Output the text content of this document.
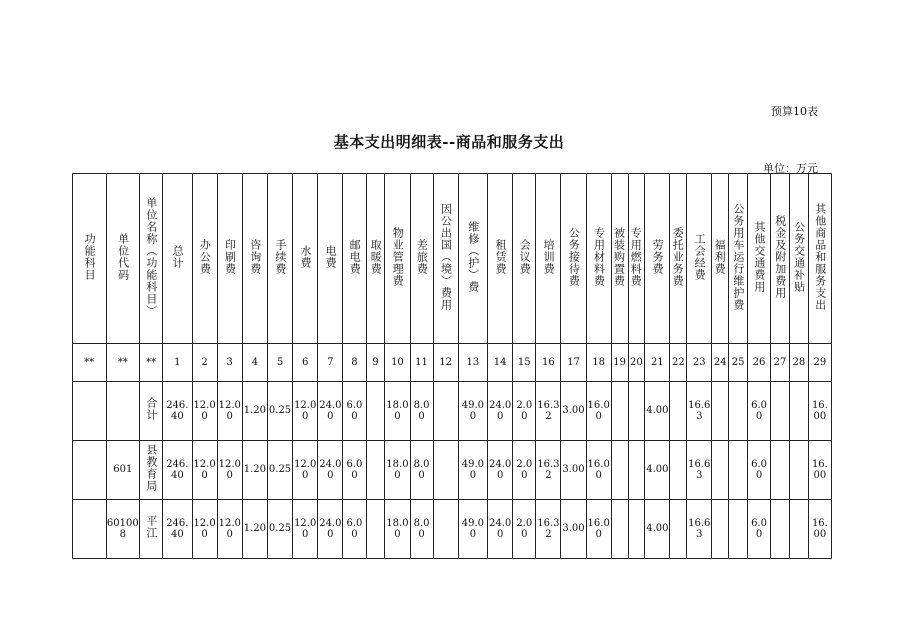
预算10表
基本支出明细表--商品和服务支出
单位：万元
功能科目	单位代码	单位名称（功能科目）	总计	办公费	印刷费	咨询费	手续费	水费	电费	邮电费	取暖费	物业管理费	差旅费	因公出国（境）费用	维修（护）费	租赁费	会议费	培训费	公务接待费	专用材料费	被装购置费	专用燃料费	劳务费	委托业务费	工会经费	福利费	公务用车运行维护费	其他交通费用	税金及附加费用	公务交通补贴	其他商品和服务支出
**	**	**	1	2	3	4	5	6	7	8	9	10	11	12	13	14	15	16	17	18	19	20	21	22	23	24	25	26	27	28	29
		合计	246.40	12.00	12.00	1.20	0.25	12.00	24.00	6.00		18.00	8.00		49.00	24.00	2.00	16.32	3.00	16.00			4.00		16.63			6.00			16.00
	601	县教育局	246.40	12.00	12.00	1.20	0.25	12.00	24.00	6.00		18.00	8.00		49.00	24.00	2.00	16.32	3.00	16.00			4.00		16.63			6.00			16.00
	601008	平江	246.40	12.00	12.00	1.20	0.25	12.00	24.00	6.00		18.00	8.00		49.00	24.00	2.00	16.32	3.00	16.00			4.00		16.63			6.00			16.00
